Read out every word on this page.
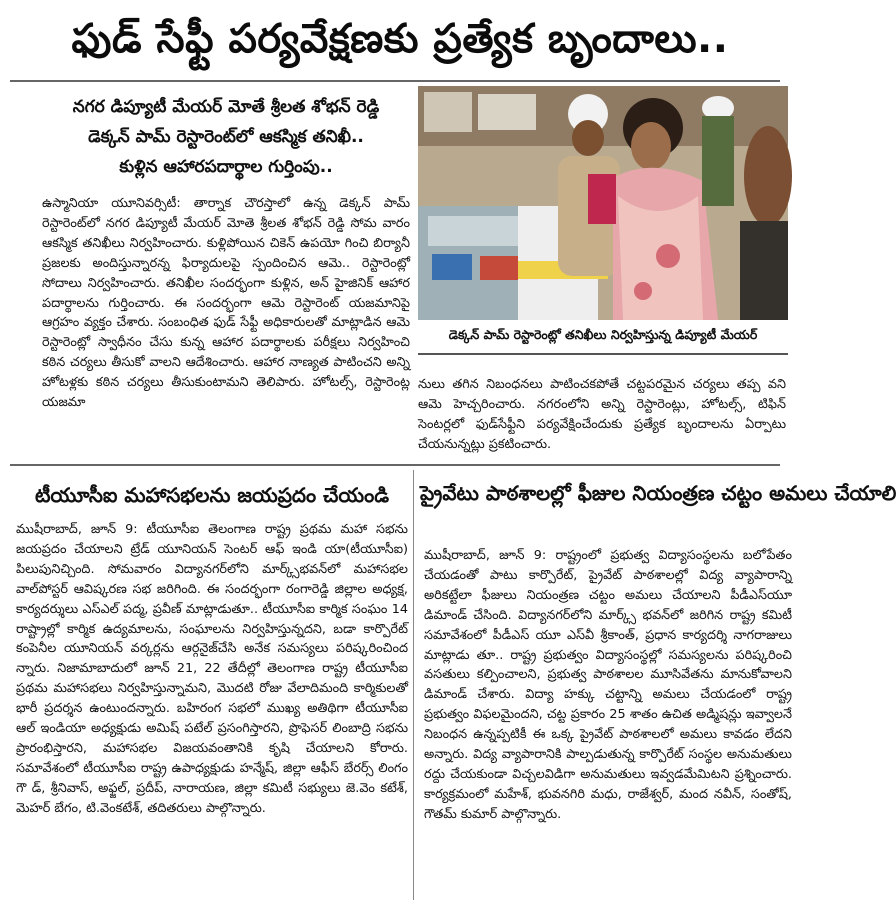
ఫుడ్ సేఫ్టీ పర్యవేక్షణకు ప్రత్యేక బృందాలు..
నగర డిప్యూటీ మేయర్ మోతే శ్రీలత శోభన్ రెడ్డి
డెక్కన్ పామ్ రెస్టారెంట్‌లో ఆకస్మిక తనిఖీ..
కుళ్లిన ఆహారపదార్థాల గుర్తింపు..
ఉస్మానియా యూనివర్సిటీ: తార్నాక చౌరస్తాలో ఉన్న డెక్కన్ పామ్ రెస్టారెంట్‌లో నగర డిప్యూటీ మేయర్ మోతె శ్రీలత శోభన్ రెడ్డి సోమ వారం ఆకస్మిక తనిఖీలు నిర్వహించారు. కుళ్లిపోయిన చికెన్ ఉపయో గించి బిర్యానీ ప్రజలకు అందిస్తున్నారన్న ఫిర్యాదులపై స్పందించిన ఆమె.. రెస్టారెంట్లో సోదాలు నిర్వహించారు. తనిఖీల సందర్భంగా కుళ్లిన, అన్ హైజినిక్ ఆహార పదార్థాలను గుర్తించారు. ఈ సందర్భంగా ఆమె రెస్టారెంట్ యజమానిపై ఆగ్రహం వ్యక్తం చేశారు. సంబంధిత ఫుడ్ సేఫ్టీ అధికారులతో మాట్లాడిన ఆమె రెస్టారెంట్లో స్వాధీనం చేసు కున్న ఆహార పదార్థాలకు పరీక్షలు నిర్వహించి కఠిన చర్యలు తీసుకో వాలని ఆదేశించారు. ఆహార నాణ్యత పాటించని అన్ని హోటళ్లకు కఠిన చర్యలు తీసుకుంటామని తెలిపారు. హోటల్స్, రెస్టారెంట్ల యజమా
డెక్కన్ పామ్ రెస్టారెంట్లో తనిఖీలు నిర్వహిస్తున్న డిప్యూటీ మేయర్
నులు తగిన నిబంధనలు పాటించకపోతే చట్టపరమైన చర్యలు తప్ప వని ఆమె హెచ్చరించారు. నగరంలోని అన్ని రెస్టారెంట్లు, హోటల్స్, టిఫిన్ సెంటర్లలో ఫుడ్‌సేఫ్టీని పర్యవేక్షించేందుకు ప్రత్యేక బృందాలను ఏర్పాటు చేయనున్నట్లు ప్రకటించారు.
టీయూసీఐ మహాసభలను జయప్రదం చేయండి
ముషీరాబాద్, జూన్ 9: టీయూసీఐ తెలంగాణ రాష్ట్ర ప్రథమ మహా సభను జయప్రదం చేయాలని ట్రేడ్ యూనియన్ సెంటర్ ఆఫ్ ఇండి యా(టీయూసీఐ) పిలుపునిచ్చింది. సోమవారం విద్యానగర్‌లోని మార్క్స్‌భవన్‌లో మహాసభల వాల్‌పోస్టర్ ఆవిష్కరణ సభ జరిగింది. ఈ సందర్భంగా రంగారెడ్డి జిల్లాల అధ్యక్ష, కార్యదర్శులు ఎస్‌ఎల్ పద్మ, ప్రవీణ్ మాట్లాడుతూ.. టీయూసీఐ కార్మిక సంఘం 14 రాష్ట్రాల్లో కార్మిక ఉద్యమాలను, సంఘాలను నిర్వహిస్తున్నదని, బడా కార్పొరేట్ కంపెనీల యూనియన్ వర్కర్లను ఆర్గనైజ్‌చేసి అనేక సమస్యలు పరిష్కరించింద న్నారు. నిజామాబాదులో జూన్ 21, 22 తేదీల్లో తెలంగాణ రాష్ట్ర టీయూసీఐ ప్రథమ మహాసభలు నిర్వహిస్తున్నామని, మొదటి రోజు వేలాదిమంది కార్మికులతో భారీ ప్రదర్శన ఉంటుందన్నారు. బహిరంగ సభలో ముఖ్య అతిథిగా టీయూసీఐ ఆల్ ఇండియా అధ్యక్షుడు అమిష్ పటేల్ ప్రసంగిస్తారని, ప్రొఫెసర్ లింబాద్రి సభను ప్రారంభిస్తారని, మహాసభల విజయవంతానికి కృషి చేయాలని కోరారు. సమావేశంలో టీయూసీఐ రాష్ట్ర ఉపాధ్యక్షుడు హన్మేష్, జిల్లా ఆఫీస్ బేరర్స్ లింగం గౌ డ్, శ్రీనివాస్, అఫ్జల్, ప్రదీప్, నారాయణ, జిల్లా కమిటీ సభ్యులు జె.వెం కటేశ్, మెహర్ బేగం, టి.వెంకటేశ్, తదితరులు పాల్గొన్నారు.
ప్రైవేటు పాఠశాలల్లో ఫీజుల నియంత్రణ చట్టం అమలు చేయాలి
ముషీరాబాద్, జూన్ 9: రాష్ట్రంలో ప్రభుత్వ విద్యాసంస్థలను బలోపేతం చేయడంతో పాటు కార్పొరేట్, ప్రైవేట్ పాఠశాలల్లో విద్య వ్యాపారాన్ని అరికట్టేలా ఫీజులు నియంత్రణ చట్టం అమలు చేయాలని పీడీఎస్‌యూ డిమాండ్ చేసింది. విద్యానగర్‌లోని మార్క్స్ భవన్‌లో జరిగిన రాష్ట్ర కమిటీ సమావేశంలో పీడీఎస్ యూ ఎస్‌వీ శ్రీకాంత్, ప్రధాన కార్యదర్శి నాగరాజులు మాట్లాడు తూ.. రాష్ట్ర ప్రభుత్వం విద్యాసంస్థల్లో సమస్యలను పరిష్కరించి వసతులు కల్పించాలని, ప్రభుత్వ పాఠశాలల మూసివేతను మానుకోవాలని డిమాండ్ చేశారు. విద్యా హక్కు చట్టాన్ని అమలు చేయడంలో రాష్ట్ర ప్రభుత్వం విఫలమైందని, చట్ట ప్రకారం 25 శాతం ఉచిత అడ్మిషన్లు ఇవ్వాలనే నిబంధన ఉన్నప్పటికీ ఈ ఒక్క ప్రైవేట్ పాఠశాలలో అమలు కావడం లేదని అన్నారు. విద్య వ్యాపారానికి పాల్పడుతున్న కార్పొరేట్ సంస్థల అనుమతులు రద్దు చేయకుండా విచ్చలవిడిగా అనుమతులు ఇవ్వడమేమిటని ప్రశ్నించారు. కార్యక్రమంలో మహేశ్, భువనగిరి మధు, రాజేశ్వర్, మంద నవీన్, సంతోష్, గౌతమ్ కుమార్ పాల్గొన్నారు.
